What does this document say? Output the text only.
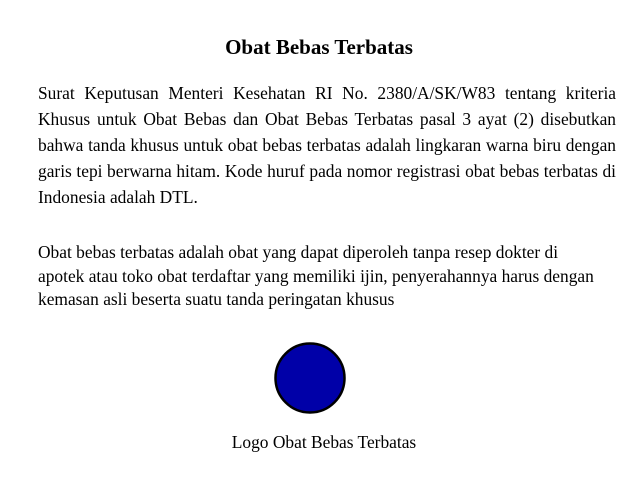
Obat Bebas Terbatas
Surat Keputusan Menteri Kesehatan RI No. 2380/A/SK/W83 tentang kriteria Khusus untuk Obat Bebas dan Obat Bebas Terbatas pasal 3 ayat (2) disebutkan bahwa tanda khusus untuk obat bebas terbatas adalah lingkaran warna biru dengan garis tepi berwarna hitam. Kode huruf pada nomor registrasi obat bebas terbatas di Indonesia adalah DTL.
Obat bebas terbatas adalah obat yang dapat diperoleh tanpa resep dokter di apotek atau toko obat terdaftar yang memiliki ijin, penyerahannya harus dengan kemasan asli beserta suatu tanda peringatan khusus
Logo Obat Bebas Terbatas
